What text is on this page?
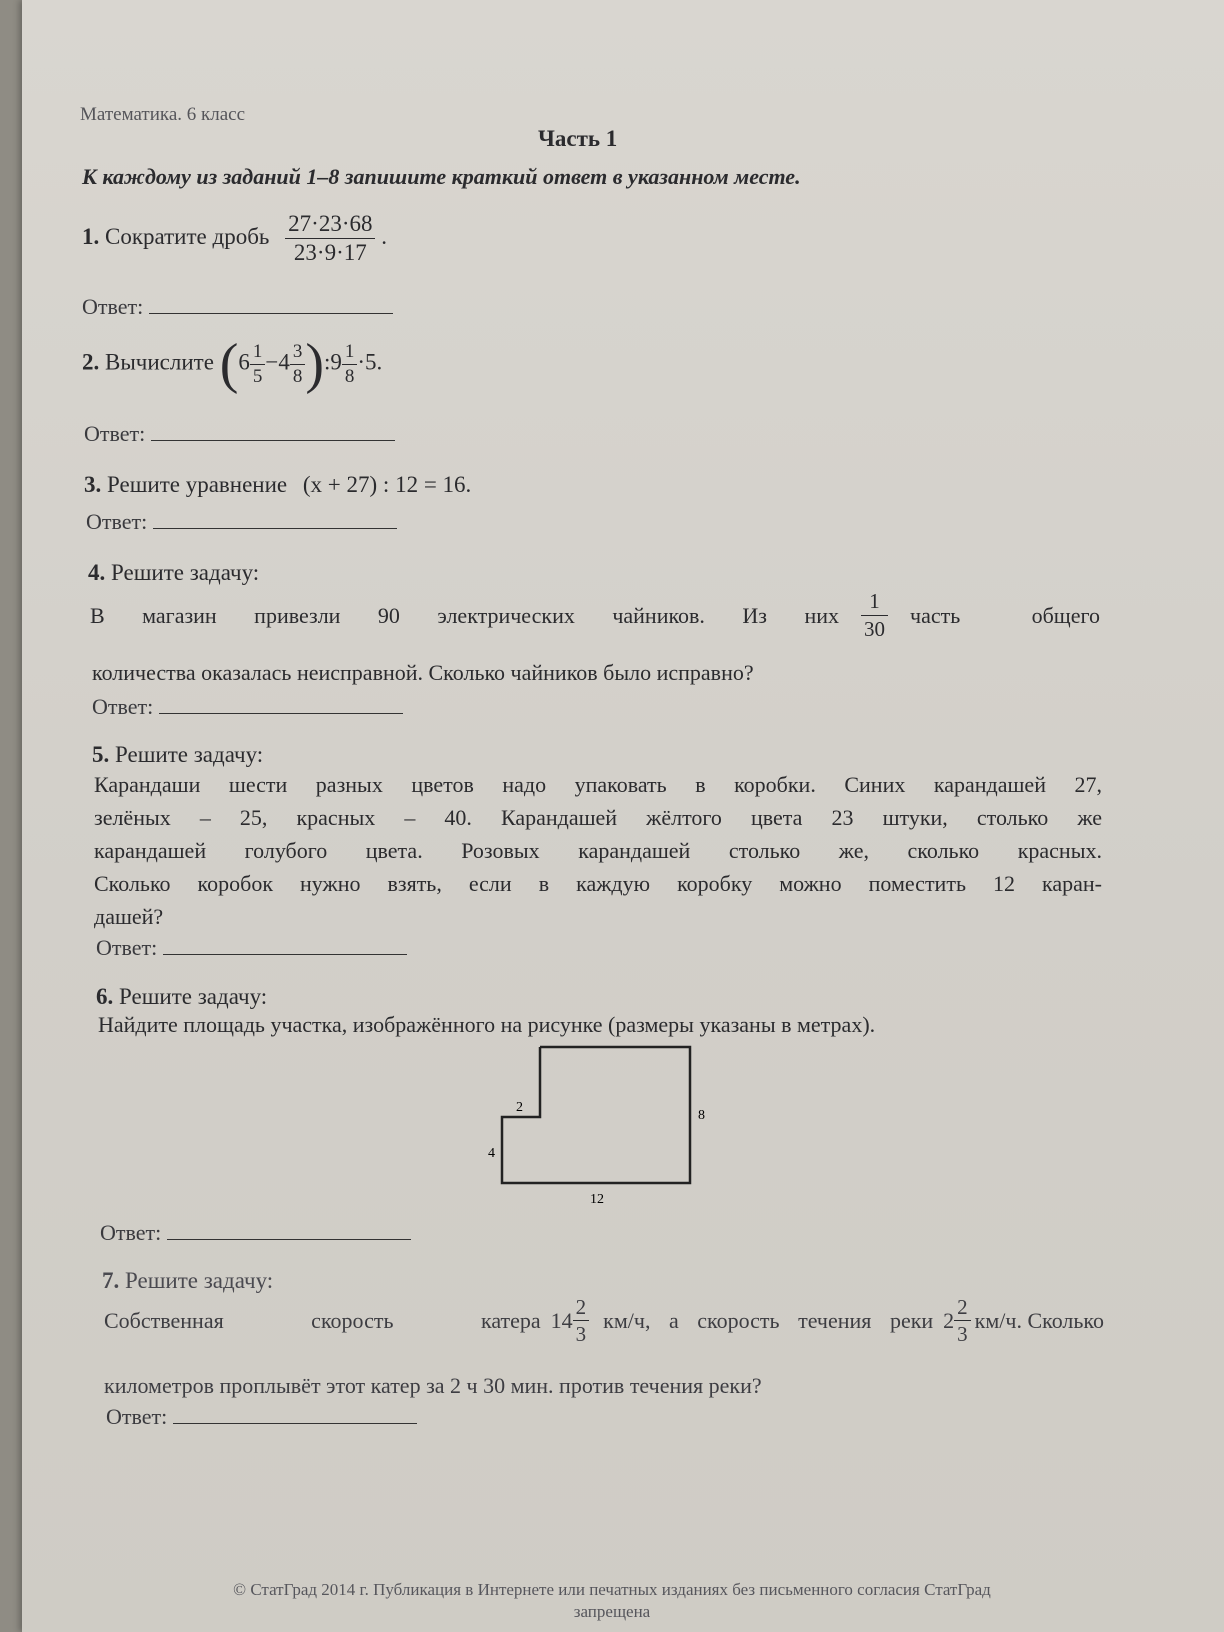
Математика. 6 класс
Часть 1
К каждому из заданий 1–8 запишите краткий ответ в указанном месте.
1. Сократите дробь $\frac{27\cdot 23\cdot 68}{23\cdot 9\cdot 17}$ .
Ответ:
2. Вычислите ($6 \frac{1}{5} -4 \frac{3}{8}$ ):9 $\frac{1}{8} \cdot 5$.
Ответ:
3. Решите уравнение (x + 27) : 12 = 16.
Ответ:
4. Решите задачу:
В магазин привезли 90 электрических чайников. Из них $\frac{1}{30}$ часть общего
количества оказалась неисправной. Сколько чайников было исправно?
Ответ:
5. Решите задачу:
Карандаши шести разных цветов надо упаковать в коробки. Синих карандашей 27,
зелёных – 25, красных – 40. Карандашей жёлтого цвета 23 штуки, столько же
карандашей голубого цвета. Розовых карандашей столько же, сколько красных.
Сколько коробок нужно взять, если в каждую коробку можно поместить 12 каран-
дашей?
Ответ:
6. Решите задачу:
Найдите площадь участка, изображённого на рисунке (размеры указаны в метрах).
2
4
8
12
Ответ:
7. Решите задачу:
Собственная скорость катера $14 \frac{2}{3} км/ч$, а скорость течения реки $2 \frac{2}{3} км/ч$. Сколько
километров проплывёт этот катер за 2 ч 30 мин. против течения реки?
Ответ:
© СтатГрад 2014 г. Публикация в Интернете или печатных изданиях без письменного согласия СтатГрад
запрещена
